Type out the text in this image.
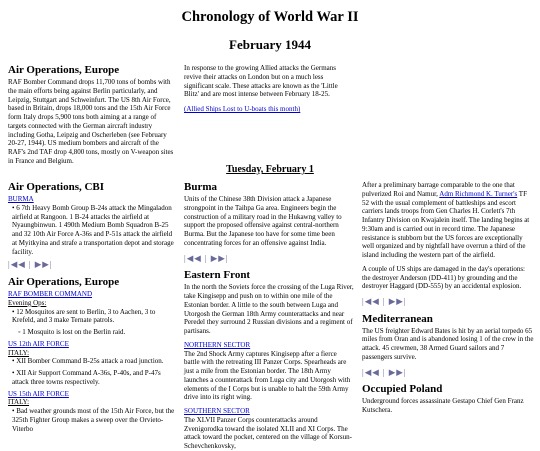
Chronology of World War II
February 1944
Air Operations, Europe

RAF Bomber Command drops 11,700 tons of bombs with the main efforts being against Berlin particularly, and Leipzig, Stuttgart and Schweinfurt. The US 8th Air Force, based in Britain, drops 18,000 tons and the 15th Air Force form Italy drops 5,900 tons both aiming at a range of targets connected with the German aircraft industry including Gotha, Leipzig and Oscherleben (see February 20-27, 1944). US medium bombers and aircraft of the RAF's 2nd TAF drop 4,800 tons, mostly on V-weapon sites in France and Belgium.

In response to the growing Allied attacks the Germans revive their attacks on London but on a much less significant scale. These attacks are known as the 'Little Blitz' and are most intense between February 18-25.

(Allied Ships Lost to U-boats this month)

Tuesday, February 1
Air Operations, CBI
BURMA
• 6 7th Heavy Bomb Group B-24s attack the Mingaladon airfield at Rangoon. 1 B-24 attacks the airfield at Nyaungbinwun. 1 490th Medium Bomb Squadron B-25 and 32 10th Air Force A-36s and P-51s attack the airfield at Myitkyina and strafe a transportation depot and storage facility.
|◀◀ | ▶▶|
Air Operations, Europe
RAF BOMBER COMMAND
Evening Ops:
• 12 Mosquitos are sent to Berlin, 3 to Aachen, 3 to Krefeld, and 3 make Ternate patrols.
◦ 1 Mosquito is lost on the Berlin raid.
US 12th AIR FORCE
ITALY:
• XII Bomber Command B-25s attack a road junction.
• XII Air Support Command A-36s, P-40s, and P-47s attack three towns respectively.
US 15th AIR FORCE
ITALY:
• Bad weather grounds most of the 15th Air Force, but the 325th Fighter Group makes a sweep over the Orvieto-Viterbo
Burma

Units of the Chinese 38th Division attack a Japanese strongpoint in the Taihpa Ga area. Engineers begin the construction of a military road in the Hukawng valley to support the proposed offensive against central-northern Burma. But the Japanese too have for some time been concentrating forces for an offensive against India.

|◀◀ | ▶▶|
Eastern Front

In the north the Soviets force the crossing of the Luga River, take Kingisepp and push on to within one mile of the Estonian border. A little to the south between Luga and Utorgosh the German 18th Army counterattacks and near Peredel they surround 2 Russian divisions and a regiment of partisans.

NORTHERN SECTOR

The 2nd Shock Army captures Kingisepp after a fierce battle with the retreating III Panzer Corps. Spearheads are just a mile from the Estonian border. The 18th Army launches a counterattack from Luga city and Utorgosh with elements of the I Corps but is unable to halt the 59th Army drive into its right wing.

SOUTHERN SECTOR

The XLVII Panzer Corps counterattacks around Zvenigorodka toward the isolated XLII and XI Corps. The attack toward the pocket, centered on the village of Korsun-Schevchenkovsky,

After a preliminary barrage comparable to the one that pulverized Roi and Namur, Adm Richmond K. Turner's TF 52 with the usual complement of battleships and escort carriers lands troops from Gen Charles H. Corlett's 7th Infantry Division on Kwajalein itself. The landing begins at 9:30am and is carried out in record time. The Japanese resistance is stubborn but the US forces are exceptionally well organized and by nightfall have overrun a third of the island including the western part of the airfield.

A couple of US ships are damaged in the day's operations: the destroyer Anderson (DD-411) by grounding and the destroyer Haggard (DD-555) by an accidental explosion.

|◀◀ | ▶▶|
Mediterranean

The US freighter Edward Bates is hit by an aerial torpedo 65 miles from Oran and is abandoned losing 1 of the crew in the attack. 45 crewmen, 38 Armed Guard sailors and 7 passengers survive.

|◀◀ | ▶▶|
Occupied Poland

Underground forces assassinate Gestapo Chief Gen Franz Kutschera.
